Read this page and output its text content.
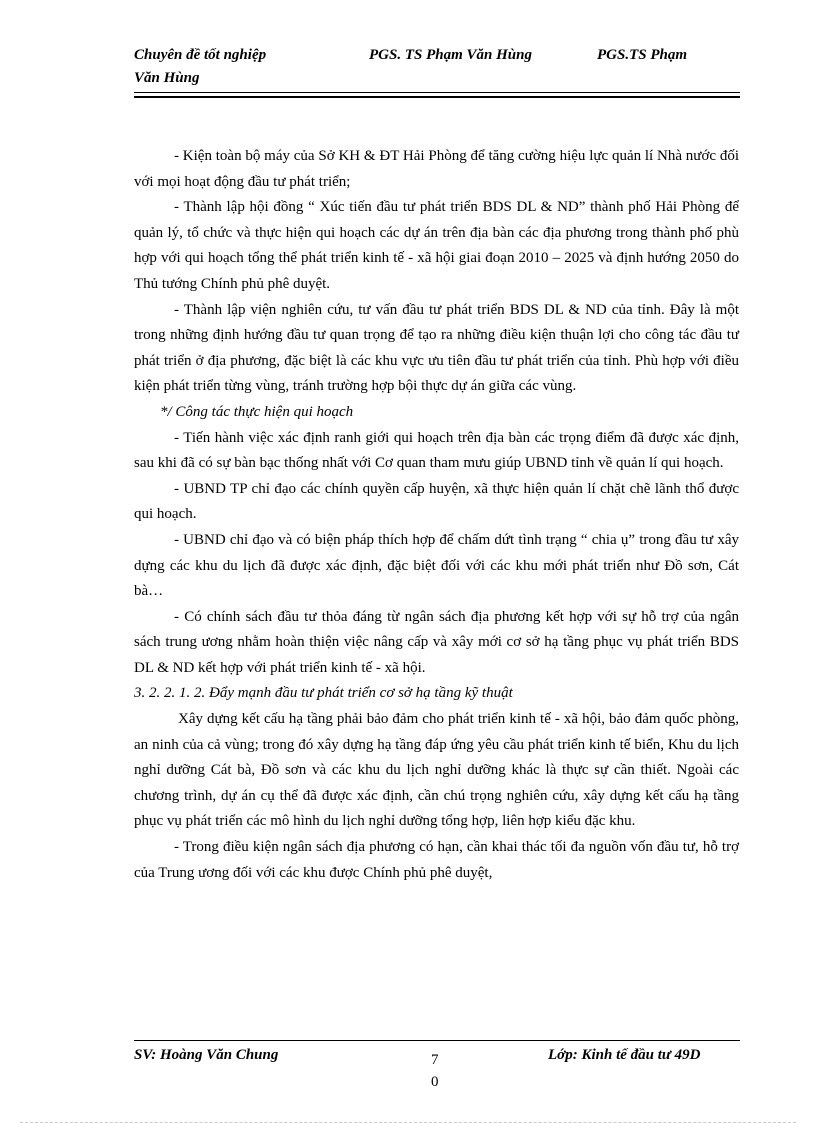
Chuyên đề tốt nghiệp	PGS. TS Phạm Văn Hùng	PGS.TS Phạm
Văn Hùng

- Kiện toàn bộ máy của Sở KH & ĐT Hải Phòng để tăng cường hiệu lực quản lí Nhà nước đối với mọi hoạt động đầu tư phát triển;

- Thành lập hội đồng “ Xúc tiến đầu tư phát triển BDS DL & ND” thành phố Hải Phòng để quản lý, tổ chức và thực hiện qui hoạch các dự án trên địa bàn các địa phương trong thành phố phù hợp với qui hoạch tổng thể phát triển kinh tế - xã hội giai đoạn 2010 – 2025 và định hướng 2050 do Thủ tướng Chính phủ phê duyệt.

- Thành lập viện nghiên cứu, tư vấn đầu tư phát triển BDS DL & ND của tỉnh. Đây là một trong những định hướng đầu tư quan trọng để tạo ra những điều kiện thuận lợi cho công tác đầu tư phát triển ở địa phương, đặc biệt là các khu vực ưu tiên đầu tư phát triển của tỉnh. Phù hợp với điều kiện phát triển từng vùng, tránh trường hợp bội thực dự án giữa các vùng.

*/ Công tác thực hiện qui hoạch

- Tiến hành việc xác định ranh giới qui hoạch trên địa bàn các trọng điểm đã được xác định, sau khi đã có sự bàn bạc thống nhất với Cơ quan tham mưu giúp UBND tỉnh về quản lí qui hoạch.

- UBND TP chỉ đạo các chính quyền cấp huyện, xã thực hiện quản lí chặt chẽ lãnh thổ được qui hoạch.

- UBND chỉ đạo và có biện pháp thích hợp để chấm dứt tình trạng “ chia ụ” trong đầu tư xây dựng các khu du lịch đã được xác định, đặc biệt đối với các khu mới phát triển như Đồ sơn, Cát bà…

- Có chính sách đầu tư thỏa đáng từ ngân sách địa phương kết hợp với sự hỗ trợ của ngân sách trung ương nhằm hoàn thiện việc nâng cấp và xây mới cơ sở hạ tầng phục vụ phát triển BDS DL & ND kết hợp với phát triển kinh tế - xã hội.

3. 2. 2. 1. 2. Đẩy mạnh đầu tư phát triển cơ sở hạ tầng kỹ thuật

Xây dựng kết cấu hạ tầng phải bảo đảm cho phát triển kinh tế - xã hội, bảo đảm quốc phòng, an ninh của cả vùng; trong đó xây dựng hạ tầng đáp ứng yêu cầu phát triển kinh tế biển, Khu du lịch nghỉ dưỡng Cát bà, Đồ sơn và các khu du lịch nghỉ dưỡng khác là thực sự cần thiết. Ngoài các chương trình, dự án cụ thể đã được xác định, cần chú trọng nghiên cứu, xây dựng kết cấu hạ tầng phục vụ phát triển các mô hình du lịch nghỉ dưỡng tổng hợp, liên hợp kiểu đặc khu.

- Trong điều kiện ngân sách địa phương có hạn, cần khai thác tối đa nguồn vốn đầu tư, hỗ trợ của Trung ương đối với các khu được Chính phủ phê duyệt,

SV: Hoàng Văn Chung	7
0
Lớp: Kinh tế đầu tư 49D
